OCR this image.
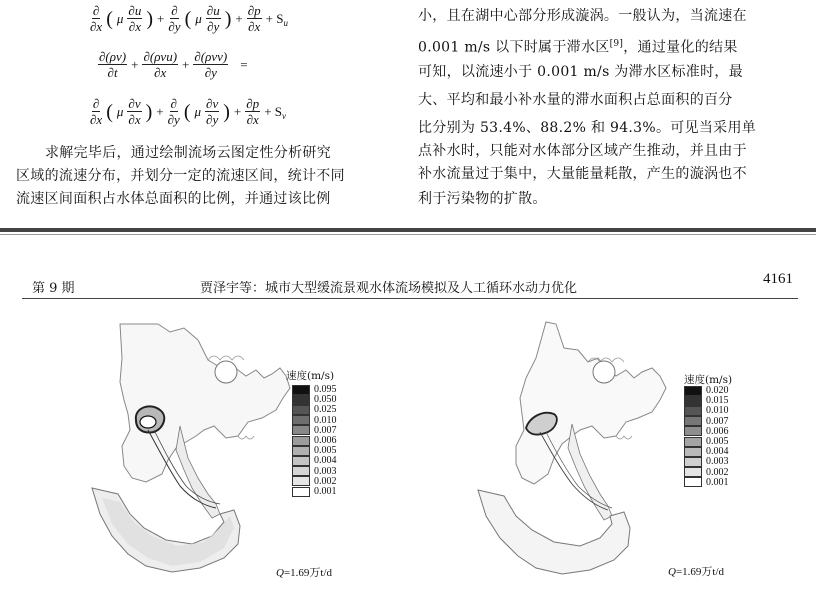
$\frac{\partial}{\partial x}$ ( μ $\frac{\partial u}{\partial x}$ ) + $\frac{\partial}{\partial y}$ ( μ $\frac{\partial u}{\partial y}$ ) + $\frac{\partial p}{\partial x} + S_u$
$\frac{\partial(\rho v)}{\partial t} + \frac{\text{∂(ρvu)}}{\partial x} + \frac{\text{∂(ρvv)}}{\partial y}$ =
$\frac{\partial}{\partial x}$ ( μ $\frac{\partial v}{\partial x}$ ) + $\frac{\partial}{\partial y}$ ( μ $\frac{\partial v}{\partial y}$ ) + $\frac{\partial p}{\partial x} + S_v$
求解完毕后，通过绘制流场云图定性分析研究
区域的流速分布，并划分一定的流速区间，统计不同
流速区间面积占水体总面积的比例，并通过该比例
小，且在湖中心部分形成漩涡。一般认为，当流速在
0.001 m/s 以下时属于滞水区[9]，通过量化的结果
可知，以流速小于 0.001 m/s 为滞水区标准时，最
大、平均和最小补水量的滞水面积占总面积的百分
比分别为 53.4%、88.2% 和 94.3%。可见当采用单
点补水时，只能对水体部分区域产生推动，并且由于
补水流量过于集中，大量能量耗散，产生的漩涡也不
利于污染物的扩散。
第 9 期	贾泽宇等：城市大型缓流景观水体流场模拟及人工循环水动力优化
4161
速度(m/s)
0.095
0.050
0.025
0.010
0.007
0.006
0.005
0.004
0.003
0.002
0.001
Q=1.69万t/d
速度(m/s)
0.020
0.015
0.010
0.007
0.006
0.005
0.004
0.003
0.002
0.001
Q=1.69万t/d
